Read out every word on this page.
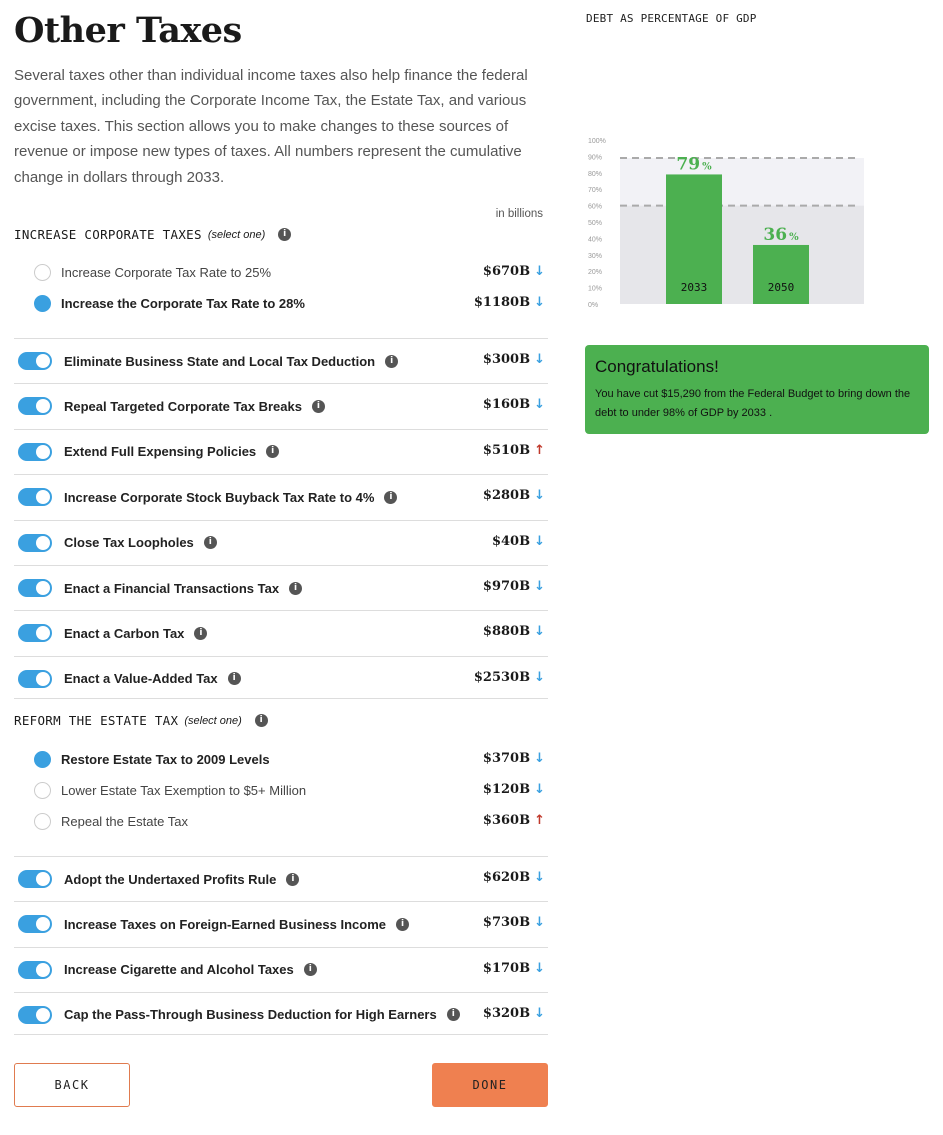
Other Taxes

Several taxes other than individual income taxes also help finance the federal government, including the Corporate Income Tax, the Estate Tax, and various excise taxes. This section allows you to make changes to these sources of revenue or impose new types of taxes. All numbers represent the cumulative change in dollars through 2033.

in billions
INCREASE CORPORATE TAXES (select one)	i
Increase Corporate Tax Rate to 25%	$670B ↓
Increase the Corporate Tax Rate to 28%	$1180B ↓
Eliminate Business State and Local Tax Deduction	i	$300B ↓
Repeal Targeted Corporate Tax Breaks	i	$160B ↓
Extend Full Expensing Policies	i	$510B ↑
Increase Corporate Stock Buyback Tax Rate to 4%	i	$280B ↓
Close Tax Loopholes	i	$40B ↓
Enact a Financial Transactions Tax	i	$970B ↓
Enact a Carbon Tax	i	$880B ↓
Enact a Value-Added Tax	i	$2530B ↓
REFORM THE ESTATE TAX (select one)	i
Restore Estate Tax to 2009 Levels	$370B ↓
Lower Estate Tax Exemption to $5+ Million	$120B ↓
Repeal the Estate Tax	$360B ↑
Adopt the Undertaxed Profits Rule	i	$620B ↓
Increase Taxes on Foreign-Earned Business Income	i	$730B ↓
Increase Cigarette and Alcohol Taxes	i	$170B ↓
Cap the Pass-Through Business Deduction for High Earners	i	$320B ↓
BACK	DONE
DEBT AS PERCENTAGE OF GDP
100%
90%
80%
70%
60%
50%
40%
30%
20%
10%
0%
2033
79 %
2050
36 %
Congratulations!
You have cut $15,290 from the Federal Budget to bring down the debt to under 98% of GDP by 2033 .
